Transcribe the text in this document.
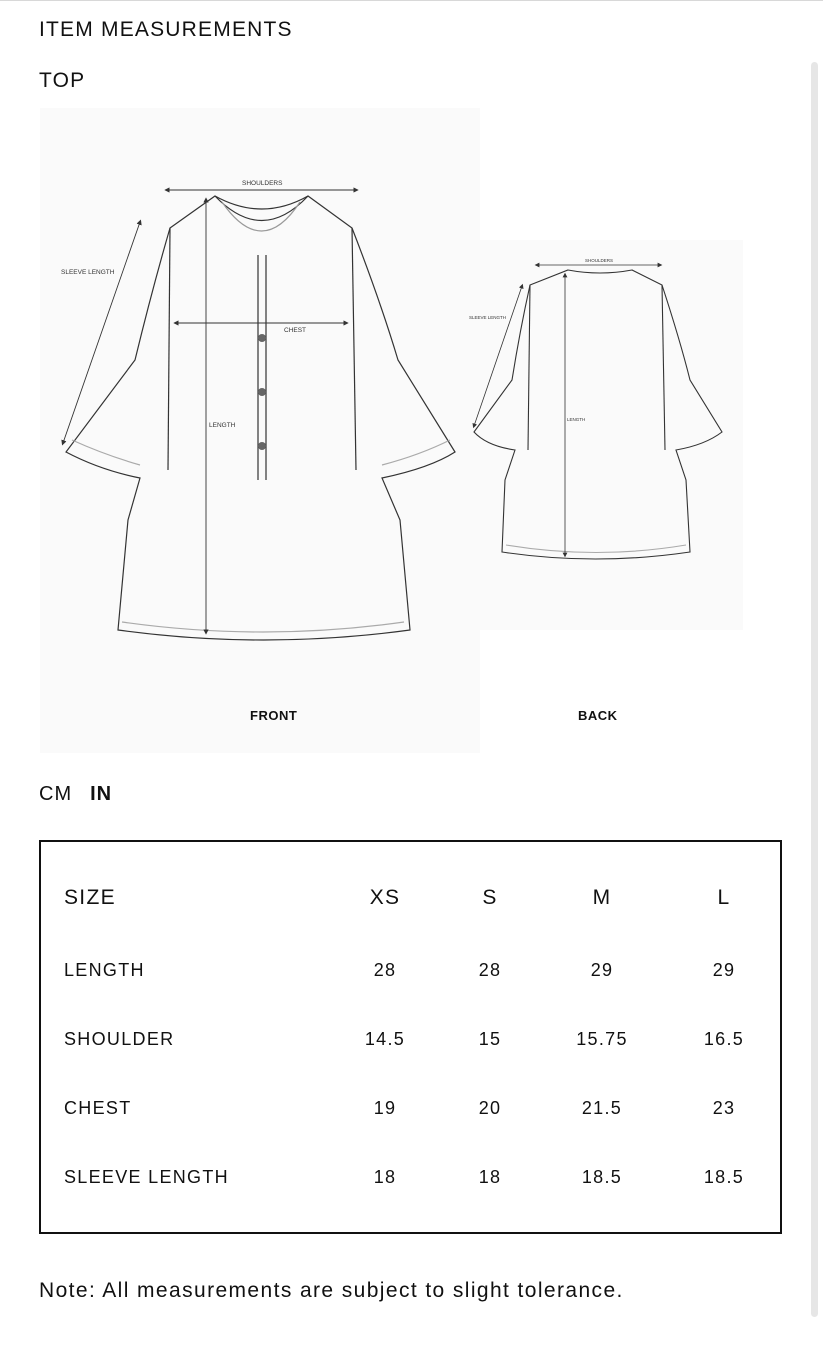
ITEM MEASUREMENTS
TOP
SHOULDERS
SLEEVE LENGTH
CHEST
LENGTH
SHOULDERS
SLEEVE LENGTH
LENGTH
FRONT	BACK
CM IN
SIZE	XS	S	M	L
LENGTH	28	28	29	29
SHOULDER	14.5	15	15.75	16.5
CHEST	19	20	21.5	23
SLEEVE LENGTH	18	18	18.5	18.5
Note: All measurements are subject to slight tolerance.
